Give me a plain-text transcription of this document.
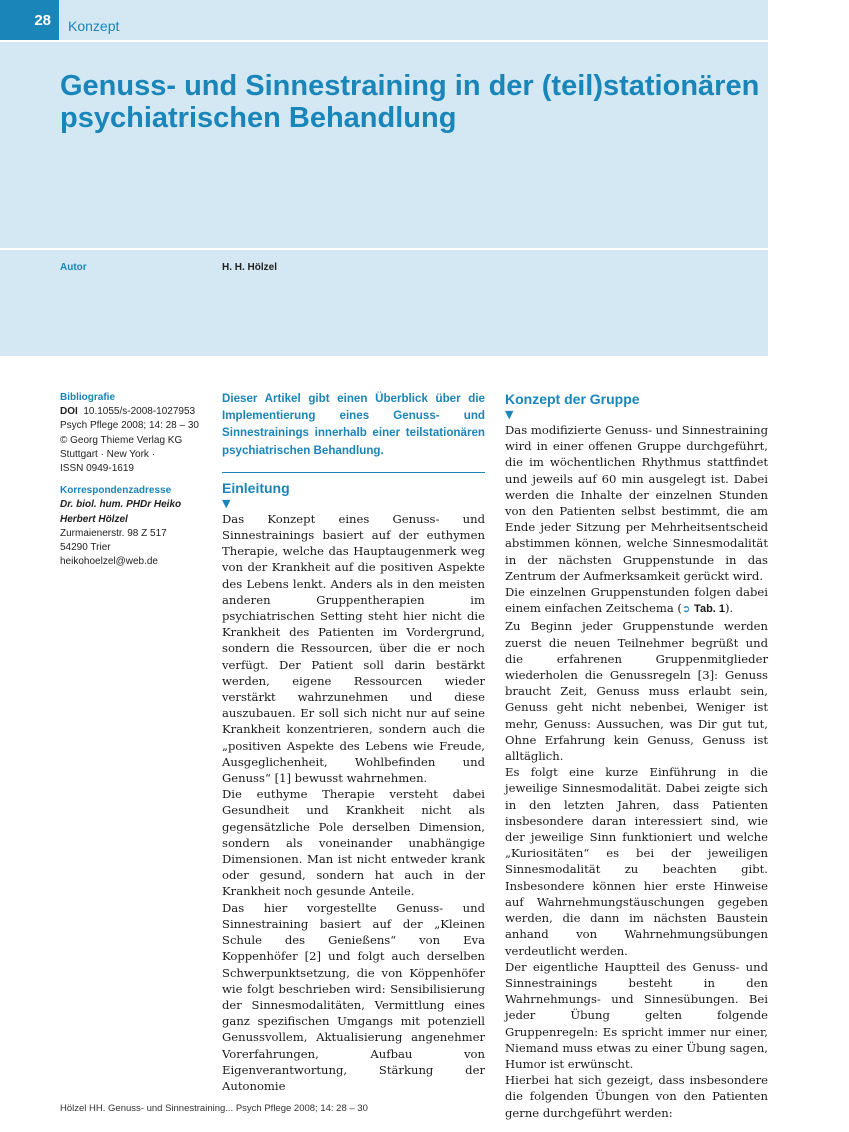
28	Konzept
Genuss- und Sinnestraining in der (teil)stationären psychiatrischen Behandlung
Autor	H. H. Hölzel
Bibliografie
DOI 10.1055/s-2008-1027953
Psych Pflege 2008; 14: 28 – 30
© Georg Thieme Verlag KG
Stuttgart · New York ·
ISSN 0949-1619
Korrespondenzadresse
Dr. biol. hum. PHDr Heiko
Herbert Hölzel
Zurmaienerstr. 98 Z 517
54290 Trier
heikohoelzel@web.de

Dieser Artikel gibt einen Überblick über die Implementierung eines Genuss- und Sinnestrainings innerhalb einer teilstationären psychiatrischen Behandlung.

Einleitung
▼

Das Konzept eines Genuss- und Sinnestrainings basiert auf der euthymen Therapie, welche das Hauptaugenmerk weg von der Krankheit auf die positiven Aspekte des Lebens lenkt. Anders als in den meisten anderen Gruppentherapien im psychiatrischen Setting steht hier nicht die Krankheit des Patienten im Vordergrund, sondern die Ressourcen, über die er noch verfügt. Der Patient soll darin bestärkt werden, eigene Ressourcen wieder verstärkt wahrzunehmen und diese auszubauen. Er soll sich nicht nur auf seine Krankheit konzentrieren, sondern auch die „positiven Aspekte des Lebens wie Freude, Ausgeglichenheit, Wohlbefinden und Genuss“ [1] bewusst wahrnehmen.

Die euthyme Therapie versteht dabei Gesundheit und Krankheit nicht als gegensätzliche Pole derselben Dimension, sondern als voneinander unabhängige Dimensionen. Man ist nicht entweder krank oder gesund, sondern hat auch in der Krankheit noch gesunde Anteile.

Das hier vorgestellte Genuss- und Sinnestraining basiert auf der „Kleinen Schule des Genießens“ von Eva Koppenhöfer [2] und folgt auch derselben Schwerpunktsetzung, die von Köppenhöfer wie folgt beschrieben wird: Sensibilisierung der Sinnesmodalitäten, Vermittlung eines ganz spezifischen Umgangs mit potenziell Genussvollem, Aktualisierung angenehmer Vorerfahrungen, Aufbau von Eigenverantwortung, Stärkung der Autonomie

Konzept der Gruppe
▼

Das modifizierte Genuss- und Sinnestraining wird in einer offenen Gruppe durchgeführt, die im wöchentlichen Rhythmus stattfindet und jeweils auf 60 min ausgelegt ist. Dabei werden die Inhalte der einzelnen Stunden von den Patienten selbst bestimmt, die am Ende jeder Sitzung per Mehrheitsentscheid abstimmen können, welche Sinnesmodalität in der nächsten Gruppenstunde in das Zentrum der Aufmerksamkeit gerückt wird.

Die einzelnen Gruppenstunden folgen dabei einem einfachen Zeitschema (➲ Tab. 1).

Zu Beginn jeder Gruppenstunde werden zuerst die neuen Teilnehmer begrüßt und die erfahrenen Gruppenmitglieder wiederholen die Genussregeln [3]: Genuss braucht Zeit, Genuss muss erlaubt sein, Genuss geht nicht nebenbei, Weniger ist mehr, Genuss: Aussuchen, was Dir gut tut, Ohne Erfahrung kein Genuss, Genuss ist alltäglich.

Es folgt eine kurze Einführung in die jeweilige Sinnesmodalität. Dabei zeigte sich in den letzten Jahren, dass Patienten insbesondere daran interessiert sind, wie der jeweilige Sinn funktioniert und welche „Kuriositäten“ es bei der jeweiligen Sinnesmodalität zu beachten gibt. Insbesondere können hier erste Hinweise auf Wahrnehmungstäuschungen gegeben werden, die dann im nächsten Baustein anhand von Wahrnehmungsübungen verdeutlicht werden.

Der eigentliche Hauptteil des Genuss- und Sinnestrainings besteht in den Wahrnehmungs- und Sinnesübungen. Bei jeder Übung gelten folgende Gruppenregeln: Es spricht immer nur einer, Niemand muss etwas zu einer Übung sagen, Humor ist erwünscht.

Hierbei hat sich gezeigt, dass insbesondere die folgenden Übungen von den Patienten gerne durchgeführt werden:

Hölzel HH. Genuss- und Sinnestraining... Psych Pflege 2008; 14: 28 – 30
